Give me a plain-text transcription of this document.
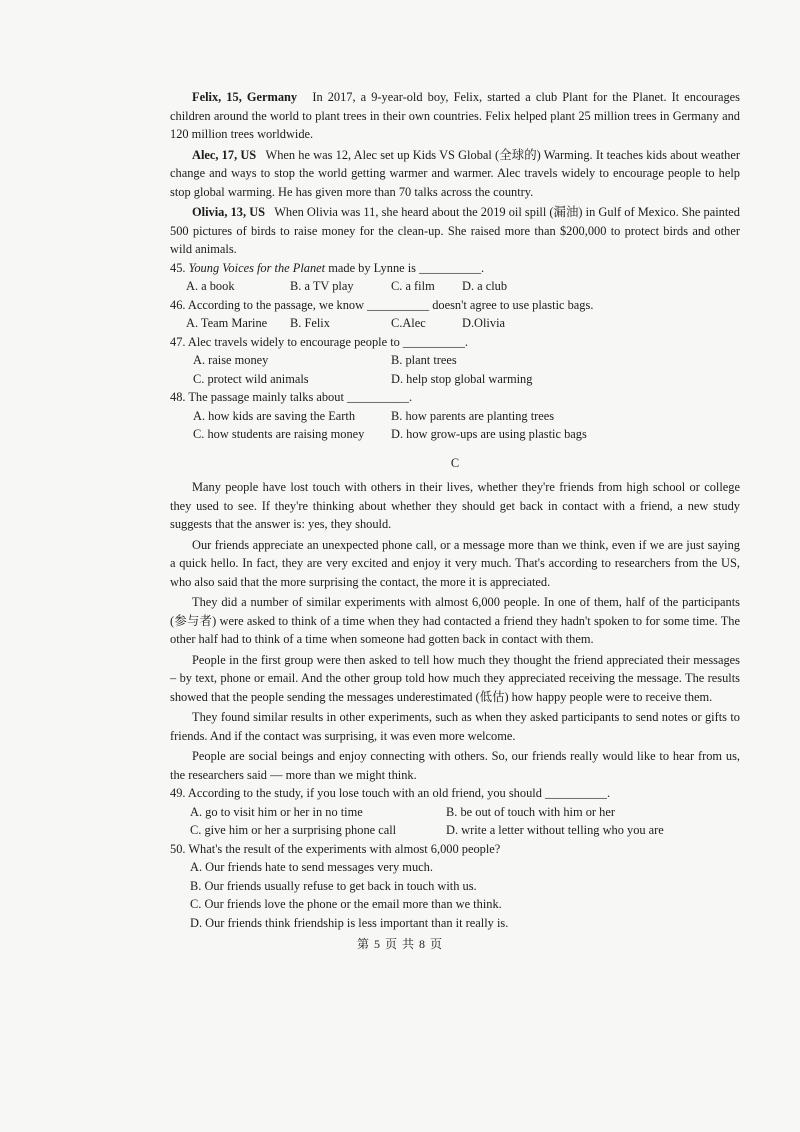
Felix, 15, Germany In 2017, a 9-year-old boy, Felix, started a club Plant for the Planet. It encourages children around the world to plant trees in their own countries. Felix helped plant 25 million trees in Germany and 120 million trees worldwide.

Alec, 17, US When he was 12, Alec set up Kids VS Global (全球的) Warming. It teaches kids about weather change and ways to stop the world getting warmer and warmer. Alec travels widely to encourage people to help stop global warming. He has given more than 70 talks across the country.

Olivia, 13, US When Olivia was 11, she heard about the 2019 oil spill (漏油) in Gulf of Mexico. She painted 500 pictures of birds to raise money for the clean-up. She raised more than $200,000 to protect birds and other wild animals.

45. Young Voices for the Planet made by Lynne is __________.

A. a book	B. a TV play	C. a film D. a club

46. According to the passage, we know __________ doesn't agree to use plastic bags.

A. Team Marine B. Felix	C.Alec	D.Olivia

47. Alec travels widely to encourage people to __________.

A. raise money	B. plant trees
C. protect wild animals	D. help stop global warming

48. The passage mainly talks about __________.

A. how kids are saving the Earth	B. how parents are planting trees
C. how students are raising money D. how grow-ups are using plastic bags
C

Many people have lost touch with others in their lives, whether they're friends from high school or college they used to see. If they're thinking about whether they should get back in contact with a friend, a new study suggests that the answer is: yes, they should.

Our friends appreciate an unexpected phone call, or a message more than we think, even if we are just saying a quick hello. In fact, they are very excited and enjoy it very much. That's according to researchers from the US, who also said that the more surprising the contact, the more it is appreciated.

They did a number of similar experiments with almost 6,000 people. In one of them, half of the participants (参与者) were asked to think of a time when they had contacted a friend they hadn't spoken to for some time. The other half had to think of a time when someone had gotten back in contact with them.

People in the first group were then asked to tell how much they thought the friend appreciated their messages – by text, phone or email. And the other group told how much they appreciated receiving the message. The results showed that the people sending the messages underestimated (低估) how happy people were to receive them.

They found similar results in other experiments, such as when they asked participants to send notes or gifts to friends. And if the contact was surprising, it was even more welcome.

People are social beings and enjoy connecting with others. So, our friends really would like to hear from us, the researchers said — more than we might think.

49. According to the study, if you lose touch with an old friend, you should __________.

A. go to visit him or her in no time	B. be out of touch with him or her
C. give him or her a surprising phone call	D. write a letter without telling who you are

50. What's the result of the experiments with almost 6,000 people?

A. Our friends hate to send messages very much.
B. Our friends usually refuse to get back in touch with us.
C. Our friends love the phone or the email more than we think.
D. Our friends think friendship is less important than it really is.
第 5 页 共 8 页
